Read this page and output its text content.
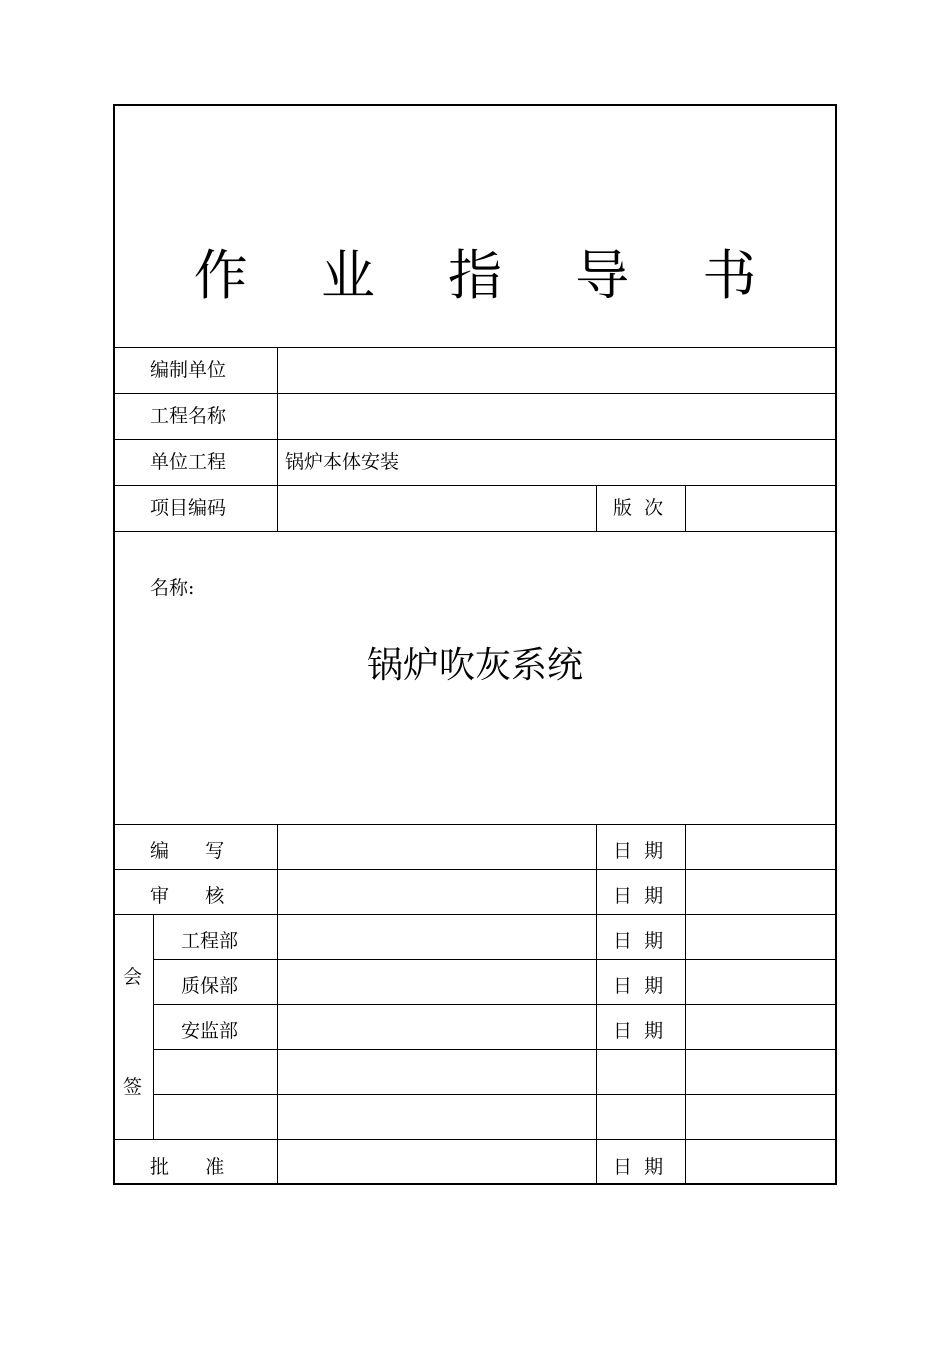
作 业 指 导 书
编制单位
工程名称
单位工程	锅炉本体安装
项目编码	版  次
名称:
锅炉吹灰系统
编      写	日  期
审      核	日  期
会
签
工程部	日  期
质保部	日  期
安监部	日  期
批      准	日  期
